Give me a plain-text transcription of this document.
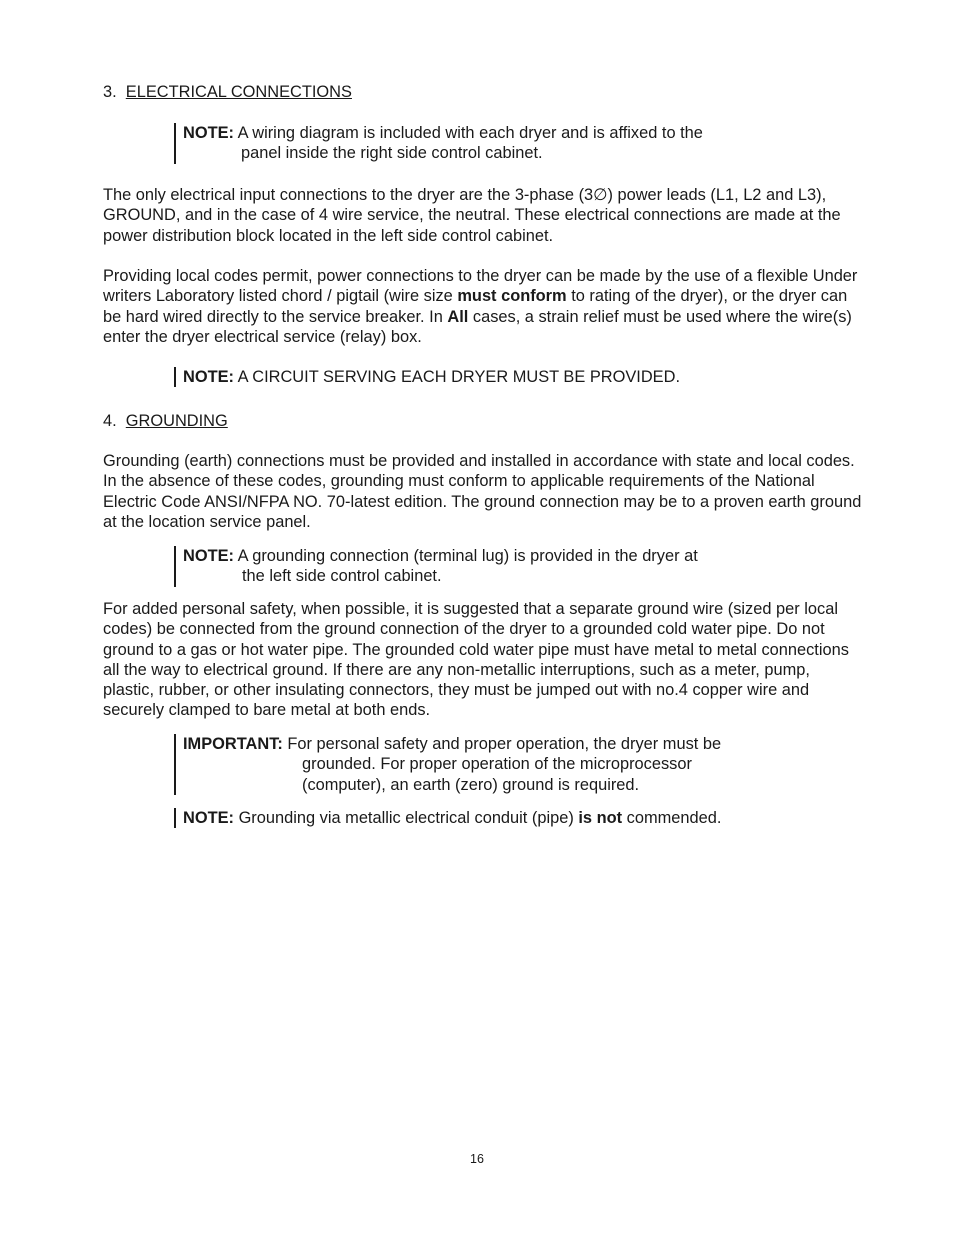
3. ELECTRICAL CONNECTIONS
NOTE: A wiring diagram is included with each dryer and is affixed to the
panel inside the right side control cabinet.

The only electrical input connections to the dryer are the 3-phase (3∅) power leads (L1, L2 and L3), GROUND, and in the case of 4 wire service, the neutral. These electrical connections are made at the power distribution block located in the left side control cabinet.

Providing local codes permit, power connections to the dryer can be made by the use of a flexible Under writers Laboratory listed chord / pigtail (wire size must conform to rating of the dryer), or the dryer can be hard wired directly to the service breaker. In All cases, a strain relief must be used where the wire(s) enter the dryer electrical service (relay) box.

NOTE: A CIRCUIT SERVING EACH DRYER MUST BE PROVIDED.
4. GROUNDING

Grounding (earth) connections must be provided and installed in accordance with state and local codes. In the absence of these codes, grounding must conform to applicable requirements of the National Electric Code ANSI/NFPA NO. 70-latest edition. The ground connection may be to a proven earth ground at the location service panel.

NOTE: A grounding connection (terminal lug) is provided in the dryer at
the left side control cabinet.

For added personal safety, when possible, it is suggested that a separate ground wire (sized per local codes) be connected from the ground connection of the dryer to a grounded cold water pipe. Do not ground to a gas or hot water pipe. The grounded cold water pipe must have metal to metal connections all the way to electrical ground. If there are any non-metallic interruptions, such as a meter, pump, plastic, rubber, or other insulating connectors, they must be jumped out with no.4 copper wire and securely clamped to bare metal at both ends.

IMPORTANT: For personal safety and proper operation, the dryer must be
grounded. For proper operation of the microprocessor
(computer), an earth (zero) ground is required.
NOTE: Grounding via metallic electrical conduit (pipe) is not commended.
16
